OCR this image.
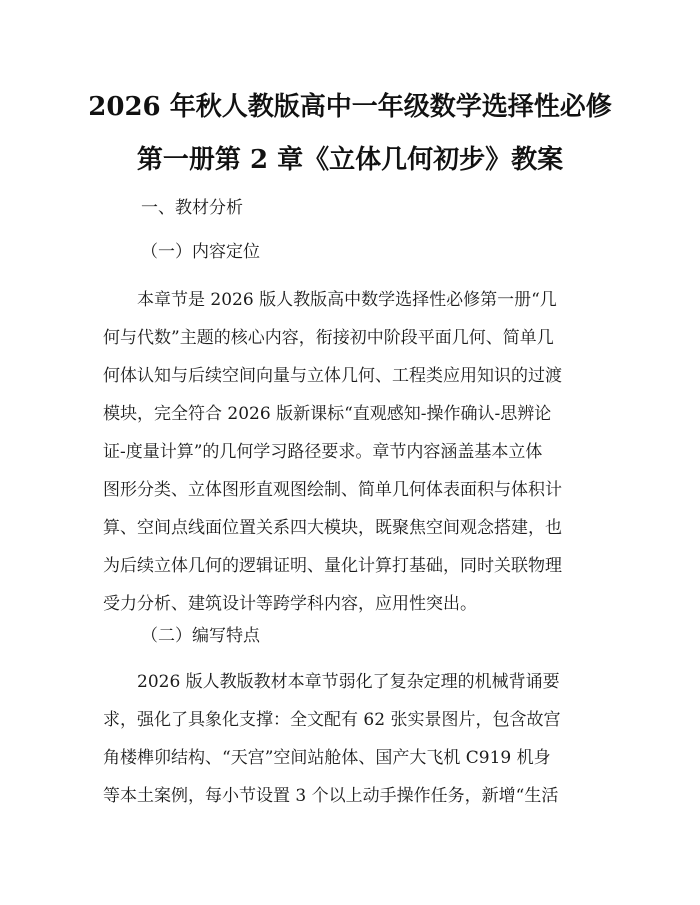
2026 年秋人教版高中一年级数学选择性必修
第一册第 2 章《立体几何初步》教案
一、教材分析
（一）内容定位
本章节是 2026 版人教版高中数学选择性必修第一册“几
何与代数”主题的核心内容，衔接初中阶段平面几何、简单几
何体认知与后续空间向量与立体几何、工程类应用知识的过渡
模块，完全符合 2026 版新课标“直观感知-操作确认-思辨论
证-度量计算”的几何学习路径要求。章节内容涵盖基本立体
图形分类、立体图形直观图绘制、简单几何体表面积与体积计
算、空间点线面位置关系四大模块，既聚焦空间观念搭建，也
为后续立体几何的逻辑证明、量化计算打基础，同时关联物理
受力分析、建筑设计等跨学科内容，应用性突出。
（二）编写特点
2026 版人教版教材本章节弱化了复杂定理的机械背诵要
求，强化了具象化支撑：全文配有 62 张实景图片，包含故宫
角楼榫卯结构、“天宫”空间站舱体、国产大飞机 C919 机身
等本土案例，每小节设置 3 个以上动手操作任务，新增“生活
